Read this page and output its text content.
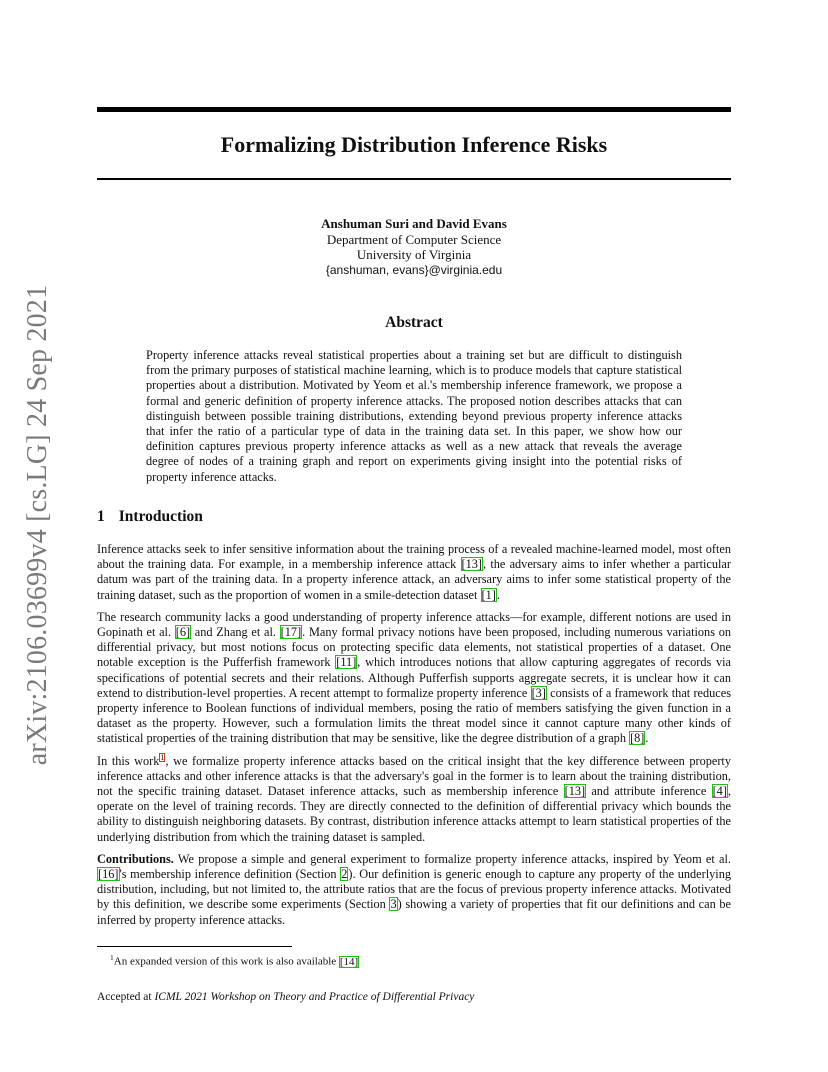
arXiv:2106.03699v4 [cs.LG] 24 Sep 2021
Formalizing Distribution Inference Risks
Anshuman Suri and David Evans
Department of Computer Science
University of Virginia
{anshuman, evans}@virginia.edu
Abstract

Property inference attacks reveal statistical properties about a training set but are difficult to distinguish from the primary purposes of statistical machine learning, which is to produce models that capture statistical properties about a distribution. Motivated by Yeom et al.'s membership inference framework, we propose a formal and generic definition of property inference attacks. The proposed notion describes attacks that can distinguish between possible training distributions, extending beyond previous property inference attacks that infer the ratio of a particular type of data in the training data set. In this paper, we show how our definition captures previous property inference attacks as well as a new attack that reveals the average degree of nodes of a training graph and report on experiments giving insight into the potential risks of property inference attacks.

1 Introduction

Inference attacks seek to infer sensitive information about the training process of a revealed machine-learned model, most often about the training data. For example, in a membership inference attack [13], the adversary aims to infer whether a particular datum was part of the training data. In a property inference attack, an adversary aims to infer some statistical property of the training dataset, such as the proportion of women in a smile-detection dataset [1].

The research community lacks a good understanding of property inference attacks—for example, different notions are used in Gopinath et al. [6] and Zhang et al. [17]. Many formal privacy notions have been proposed, including numerous variations on differential privacy, but most notions focus on protecting specific data elements, not statistical properties of a dataset. One notable exception is the Pufferfish framework [11], which introduces notions that allow capturing aggregates of records via specifications of potential secrets and their relations. Although Pufferfish supports aggregate secrets, it is unclear how it can extend to distribution-level properties. A recent attempt to formalize property inference [3] consists of a framework that reduces property inference to Boolean functions of individual members, posing the ratio of members satisfying the given function in a dataset as the property. However, such a formulation limits the threat model since it cannot capture many other kinds of statistical properties of the training distribution that may be sensitive, like the degree distribution of a graph [8].

In this work$^1$, we formalize property inference attacks based on the critical insight that the key difference between property inference attacks and other inference attacks is that the adversary's goal in the former is to learn about the training distribution, not the specific training dataset. Dataset inference attacks, such as membership inference [13] and attribute inference [4], operate on the level of training records. They are directly connected to the definition of differential privacy which bounds the ability to distinguish neighboring datasets. By contrast, distribution inference attacks attempt to learn statistical properties of the underlying distribution from which the training dataset is sampled.

Contributions. We propose a simple and general experiment to formalize property inference attacks, inspired by Yeom et al. [16]'s membership inference definition (Section 2). Our definition is generic enough to capture any property of the underlying distribution, including, but not limited to, the attribute ratios that are the focus of previous property inference attacks. Motivated by this definition, we describe some experiments (Section 3) showing a variety of properties that fit our definitions and can be inferred by property inference attacks.

$^1$An expanded version of this work is also available [14]
Accepted at ICML 2021 Workshop on Theory and Practice of Differential Privacy
